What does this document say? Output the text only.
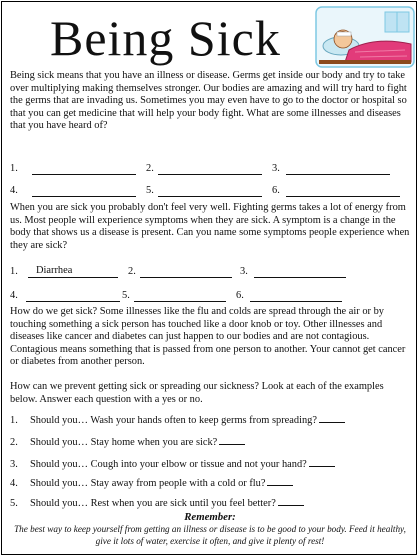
Being Sick

Being sick means that you have an illness or disease. Germs get inside our body and try to take over multiplying making themselves stronger. Our bodies are amazing and will try hard to fight the germs that are invading us. Sometimes you may even have to go to the doctor or hospital so that you can get medicine that will help your body fight. What are some illnesses and diseases that you have heard of?

1.	2.	3.
4.	5.	6.

When you are sick you probably don't feel very well. Fighting germs takes a lot of energy from us. Most people will experience symptoms when they are sick. A symptom is a change in the body that shows us a disease is present. Can you name some symptoms people experience when they are sick?

1. Diarrhea	2.	3.
4.	5.	6.

How do we get sick? Some illnesses like the flu and colds are spread through the air or by touching something a sick person has touched like a door knob or toy. Other illnesses and diseases like cancer and diabetes can just happen to our bodies and are not contagious. Contagious means something that is passed from one person to another. Your cannot get cancer or diabetes from another person.

How can we prevent getting sick or spreading our sickness? Look at each of the examples below. Answer each question with a yes or no.

1. Should you… Wash your hands often to keep germs from spreading?
2. Should you… Stay home when you are sick?
3. Should you… Cough into your elbow or tissue and not your hand?
4. Should you… Stay away from people with a cold or flu?
5. Should you… Rest when you are sick until you feel better?
Remember:
The best way to keep yourself from getting an illness or disease is to be good to your body. Feed it healthy, give it lots of water, exercise it often, and give it plenty of rest!
